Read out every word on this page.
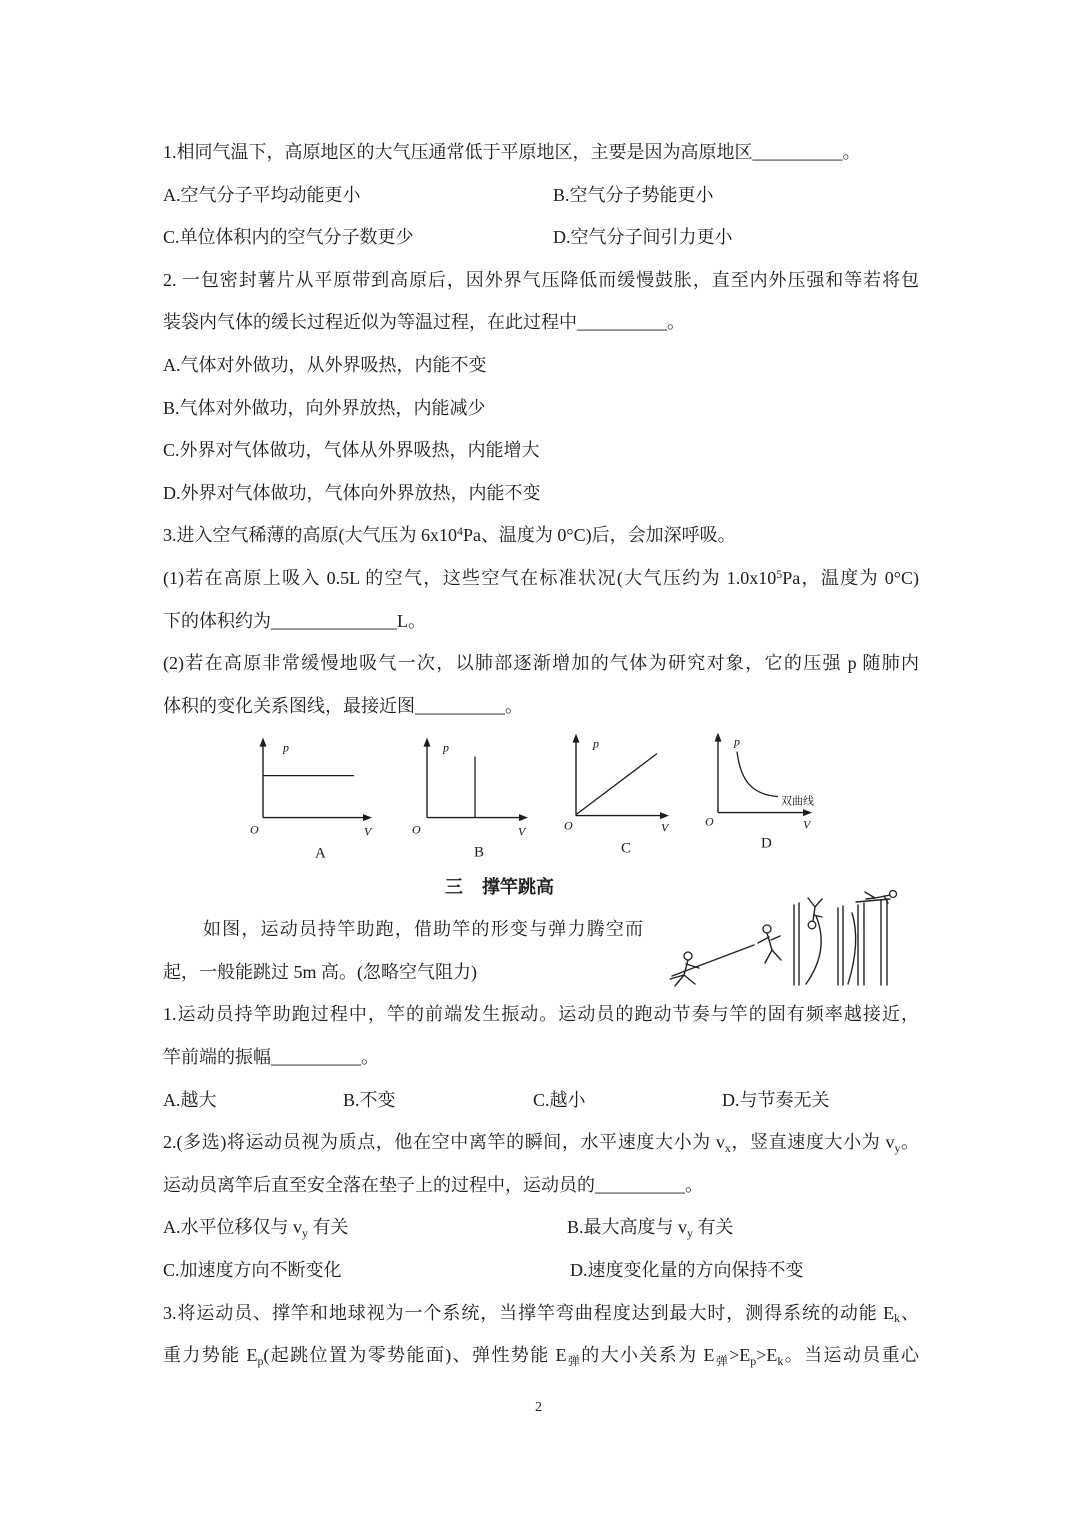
1.相同气温下，高原地区的大气压通常低于平原地区，主要是因为高原地区__________。
A.空气分子平均动能更小	B.空气分子势能更小
C.单位体积内的空气分子数更少	D.空气分子间引力更小
2. 一包密封薯片从平原带到高原后，因外界气压降低而缓慢鼓胀，直至内外压强和等若将包
装袋内气体的缓长过程近似为等温过程，在此过程中__________。
A.气体对外做功，从外界吸热，内能不变
B.气体对外做功，向外界放热，内能减少
C.外界对气体做功，气体从外界吸热，内能增大
D.外界对气体做功，气体向外界放热，内能不变
3.进入空气稀薄的高原(大气压为 $6x10^4Pa$、温度为 0°C)后，会加深呼吸。
(1)若在高原上吸入 0.5L 的空气，这些空气在标准状况(大气压约为 $1.0x10^5Pa$，温度为 0°C)
下的体积约为______________L。
(2)若在高原非常缓慢地吸气一次，以肺部逐渐增加的气体为研究对象，它的压强 p 随肺内
体积的变化关系图线，最接近图__________。
p
O	V
A
p
O	V
B
p
O	V
C
双曲线
p
O	V
D
三 撑竿跳高
如图，运动员持竿助跑，借助竿的形变与弹力腾空而
起，一般能跳过 5m 高。(忽略空气阻力)
1.运动员持竿助跑过程中，竿的前端发生振动。运动员的跑动节奏与竿的固有频率越接近，
竿前端的振幅__________。
A.越大	B.不变	C.越小	D.与节奏无关
2.(多选)将运动员视为质点，他在空中离竿的瞬间，水平速度大小为 $v_x$，竖直速度大小为 $v_y$。
运动员离竿后直至安全落在垫子上的过程中，运动员的__________。
A.水平位移仅与 $v_y$ 有关	B.最大高度与 $v_y$ 有关
C.加速度方向不断变化	D.速度变化量的方向保持不变
3.将运动员、撑竿和地球视为一个系统，当撑竿弯曲程度达到最大时，测得系统的动能 $E_k$、
重力势能 $E_p$(起跳位置为零势能面)、弹性势能 $E_弹$的大小关系为 $E_弹>E_p>E_k$。当运动员重心
2
